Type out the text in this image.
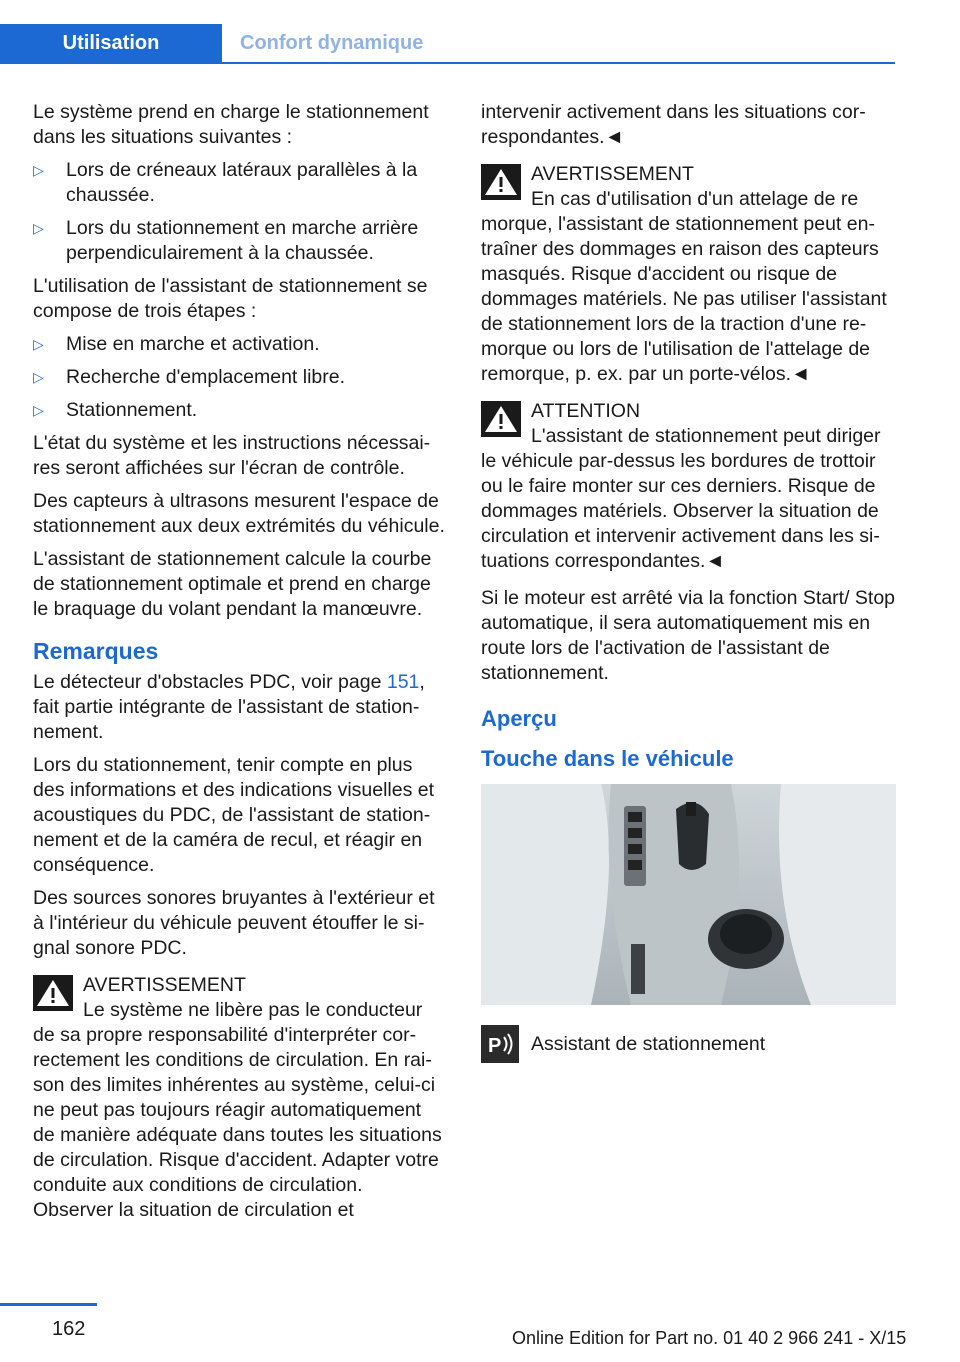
Utilisation	Confort dynamique

Le système prend en charge le stationnement dans les situations suivantes :

▷	Lors de créneaux latéraux parallèles à la chaussée.
▷	Lors du stationnement en marche arrière perpendiculairement à la chaussée.

L'utilisation de l'assistant de stationnement se compose de trois étapes :

▷	Mise en marche et activation.
▷	Recherche d'emplacement libre.
▷	Stationnement.

L'état du système et les instructions nécessaires seront affichées sur l'écran de contrôle.

Des capteurs à ultrasons mesurent l'espace de stationnement aux deux extrémités du véhicule.

L'assistant de stationnement calcule la courbe de stationnement optimale et prend en charge le braquage du volant pendant la manœuvre.

Remarques

Le détecteur d'obstacles PDC, voir page 151, fait partie intégrante de l'assistant de stationnement.

Lors du stationnement, tenir compte en plus des informations et des indications visuelles et acoustiques du PDC, de l'assistant de stationnement et de la caméra de recul, et réagir en conséquence.

Des sources sonores bruyantes à l'extérieur et à l'intérieur du véhicule peuvent étouffer le signal sonore PDC.

AVERTISSEMENT
Le système ne libère pas le conducteur
de sa propre responsabilité d'interpréter correctement les conditions de circulation. En raison des limites inhérentes au système, celui-ci ne peut pas toujours réagir automatiquement de manière adéquate dans toutes les situations de circulation. Risque d'accident. Adapter votre conduite aux conditions de circulation. Observer la situation de circulation et

intervenir activement dans les situations correspondantes.◄

AVERTISSEMENT
En cas d'utilisation d'un attelage de re
morque, l'assistant de stationnement peut entraîner des dommages en raison des capteurs masqués. Risque d'accident ou risque de dommages matériels. Ne pas utiliser l'assistant de stationnement lors de la traction d'une remorque ou lors de l'utilisation de l'attelage de remorque, p. ex. par un porte-vélos.◄
ATTENTION
L'assistant de stationnement peut diriger
le véhicule par-dessus les bordures de trottoir ou le faire monter sur ces derniers. Risque de dommages matériels. Observer la situation de circulation et intervenir activement dans les situations correspondantes.◄

Si le moteur est arrêté via la fonction Start/ Stop automatique, il sera automatiquement mis en route lors de l'activation de l'assistant de stationnement.

Aperçu
Touche dans le véhicule
P Assistant de stationnement
162	Online Edition for Part no. 01 40 2 966 241 - X/15
